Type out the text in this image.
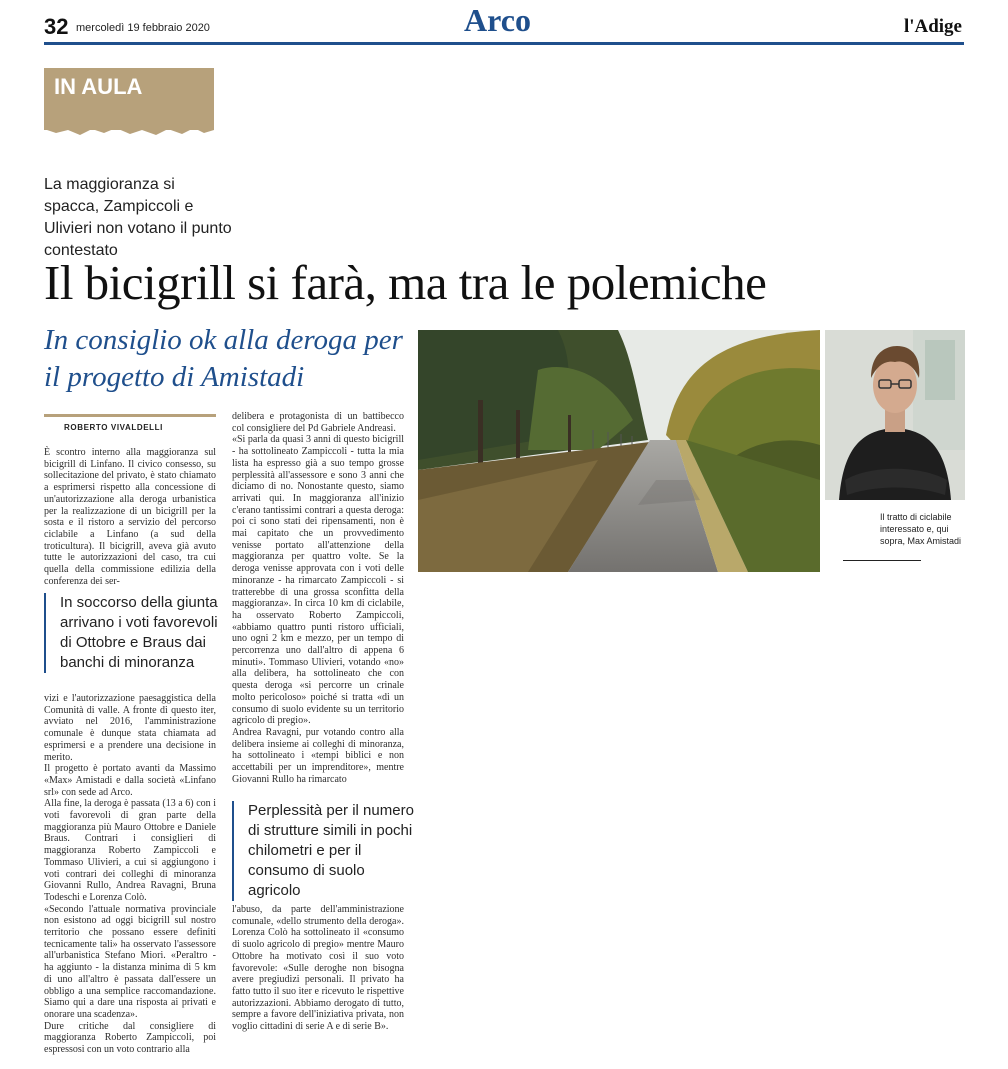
32 mercoledì 19 febbraio 2020	Arco	l'Adige
IN AULA
La maggioranza si spacca, Zampiccoli e Ulivieri non votano il punto contestato
Il bicigrill si farà, ma tra le polemiche
In consiglio ok alla deroga per il progetto di Amistadi
ROBERTO VIVALDELLI

È scontro interno alla maggioranza sul bicigrill di Linfano. Il civico consesso, su sollecitazione del privato, è stato chiamato a esprimersi rispetto alla concessione di un'autorizzazione alla deroga urbanistica per la realizzazione di un bicigrill per la sosta e il ristoro a servizio del percorso ciclabile a Linfano (a sud della troticultura). Il bicigrill, aveva già avuto tutte le autorizzazioni del caso, tra cui quella della commissione edilizia della conferenza dei ser-

In soccorso della giunta arrivano i voti favorevoli di Ottobre e Braus dai banchi di minoranza

vizi e l'autorizzazione paesaggistica della Comunità di valle. A fronte di questo iter, avviato nel 2016, l'amministrazione comunale è dunque stata chiamata ad esprimersi e a prendere una decisione in merito.

Il progetto è portato avanti da Massimo «Max» Amistadi e dalla società «Linfano srl» con sede ad Arco.

Alla fine, la deroga è passata (13 a 6) con i voti favorevoli di gran parte della maggioranza più Mauro Ottobre e Daniele Braus. Contrari i consiglieri di maggioranza Roberto Zampiccoli e Tommaso Ulivieri, a cui si aggiungono i voti contrari dei colleghi di minoranza Giovanni Rullo, Andrea Ravagni, Bruna Todeschi e Lorenza Colò.

«Secondo l'attuale normativa provinciale non esistono ad oggi bicigrill sul nostro territorio che possano essere definiti tecnicamente tali» ha osservato l'assessore all'urbanistica Stefano Miori. «Peraltro - ha aggiunto - la distanza minima di 5 km di uno all'altro è passata dall'essere un obbligo a una semplice raccomandazione. Siamo qui a dare una risposta ai privati e onorare una scadenza».

Dure critiche dal consigliere di maggioranza Roberto Zampiccoli, poi espressosi con un voto contrario alla

delibera e protagonista di un battibecco col consigliere del Pd Gabriele Andreasi.

«Si parla da quasi 3 anni di questo bicigrill - ha sottolineato Zampiccoli - tutta la mia lista ha espresso già a suo tempo grosse perplessità all'assessore e sono 3 anni che diciamo di no. Nonostante questo, siamo arrivati qui. In maggioranza all'inizio c'erano tantissimi contrari a questa deroga: poi ci sono stati dei ripensamenti, non è mai capitato che un provvedimento venisse portato all'attenzione della maggioranza per quattro volte. Se la deroga venisse approvata con i voti delle minoranze - ha rimarcato Zampiccoli - si tratterebbe di una grossa sconfitta della maggioranza». In circa 10 km di ciclabile, ha osservato Roberto Zampiccoli, «abbiamo quattro punti ristoro ufficiali, uno ogni 2 km e mezzo, per un tempo di percorrenza uno dall'altro di appena 6 minuti». Tommaso Ulivieri, votando «no» alla delibera, ha sottolineato che con questa deroga «si percorre un crinale molto pericoloso» poiché si tratta «di un consumo di suolo evidente su un territorio agricolo di pregio».

Andrea Ravagni, pur votando contro alla delibera insieme ai colleghi di minoranza, ha sottolineato i «tempi biblici e non accettabili per un imprenditore», mentre Giovanni Rullo ha rimarcato

Perplessità per il numero di strutture simili in pochi chilometri e per il consumo di suolo agricolo

l'abuso, da parte dell'amministrazione comunale, «dello strumento della deroga». Lorenza Colò ha sottolineato il «consumo di suolo agricolo di pregio» mentre Mauro Ottobre ha motivato così il suo voto favorevole: «Sulle deroghe non bisogna avere pregiudizi personali. Il privato ha fatto tutto il suo iter e ricevuto le rispettive autorizzazioni. Abbiamo derogato di tutto, sempre a favore dell'iniziativa privata, non voglio cittadini di serie A e di serie B».

Il tratto di ciclabile interessato e, qui sopra, Max Amistadi
